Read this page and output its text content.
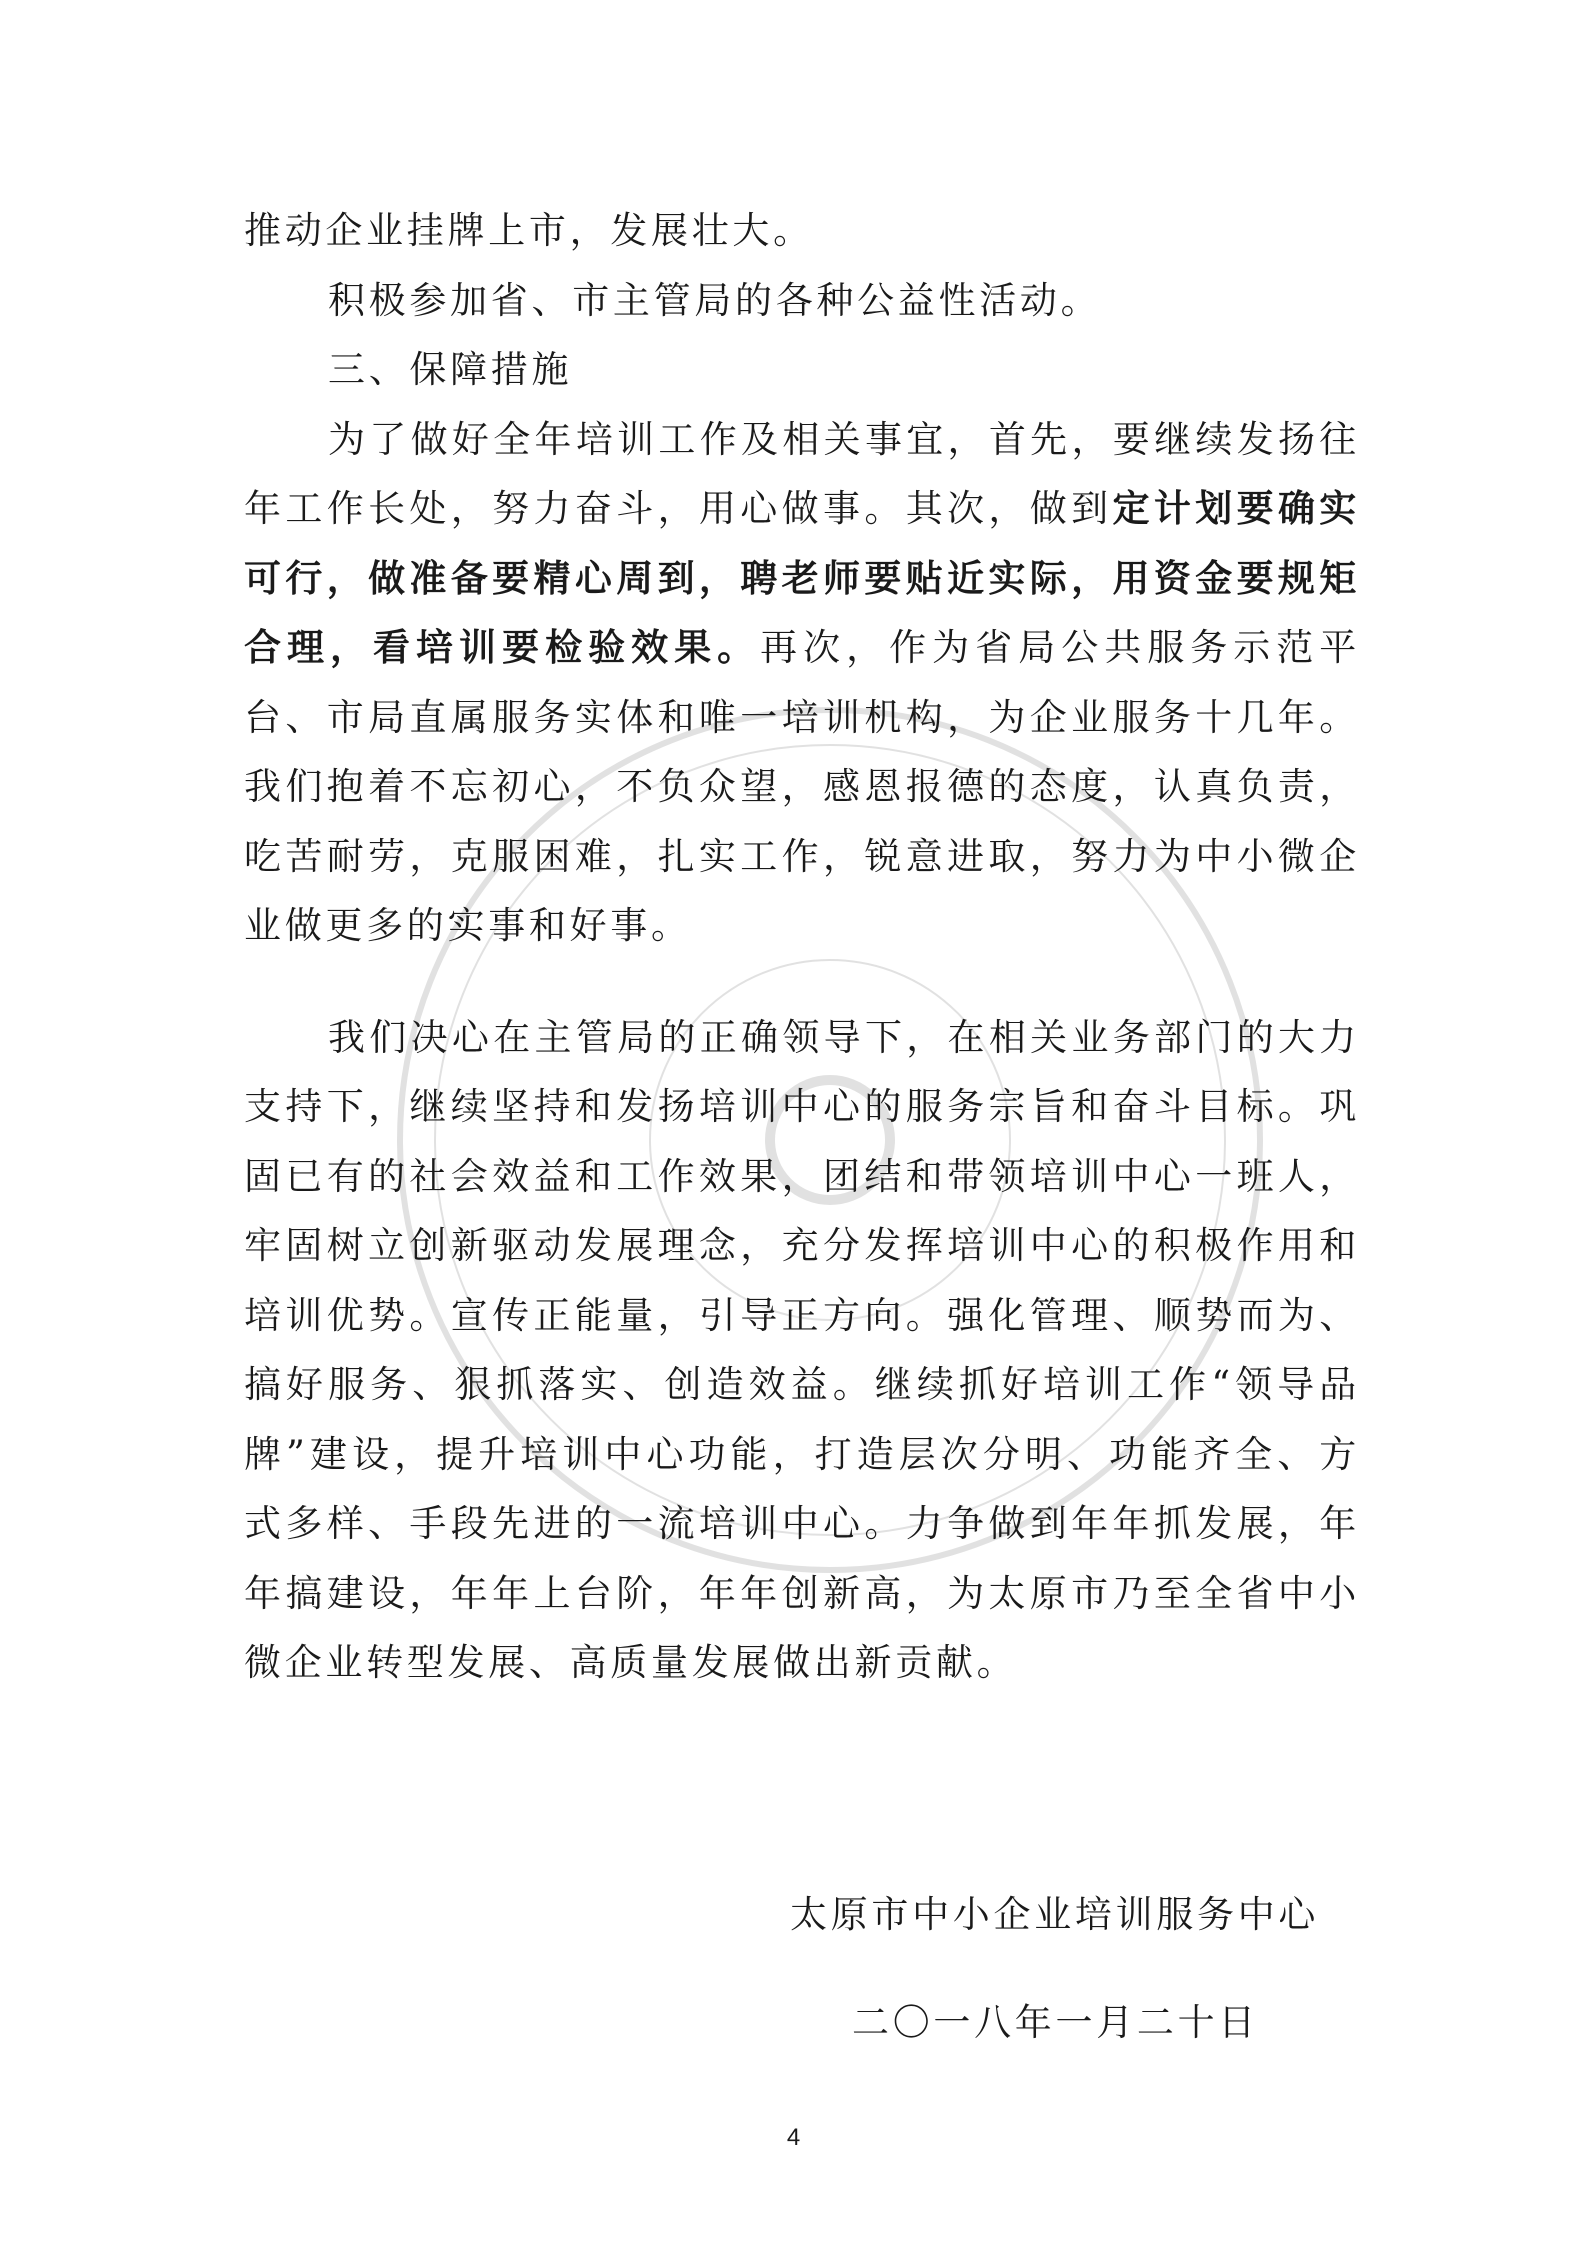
推动企业挂牌上市，发展壮大。

积极参加省、市主管局的各种公益性活动。

三、保障措施

为了做好全年培训工作及相关事宜，首先，要继续发扬往年工作长处，努力奋斗，用心做事。其次，做到定计划要确实可行，做准备要精心周到，聘老师要贴近实际，用资金要规矩合理，看培训要检验效果。再次，作为省局公共服务示范平台、市局直属服务实体和唯一培训机构，为企业服务十几年。我们抱着不忘初心，不负众望，感恩报德的态度，认真负责，吃苦耐劳，克服困难，扎实工作，锐意进取，努力为中小微企业做更多的实事和好事。

我们决心在主管局的正确领导下，在相关业务部门的大力支持下，继续坚持和发扬培训中心的服务宗旨和奋斗目标。巩固已有的社会效益和工作效果，团结和带领培训中心一班人，牢固树立创新驱动发展理念，充分发挥培训中心的积极作用和培训优势。宣传正能量，引导正方向。强化管理、顺势而为、搞好服务、狠抓落实、创造效益。继续抓好培训工作“领导品牌”建设，提升培训中心功能，打造层次分明、功能齐全、方式多样、手段先进的一流培训中心。力争做到年年抓发展，年年搞建设，年年上台阶，年年创新高，为太原市乃至全省中小微企业转型发展、高质量发展做出新贡献。

太原市中小企业培训服务中心
二〇一八年一月二十日
4
